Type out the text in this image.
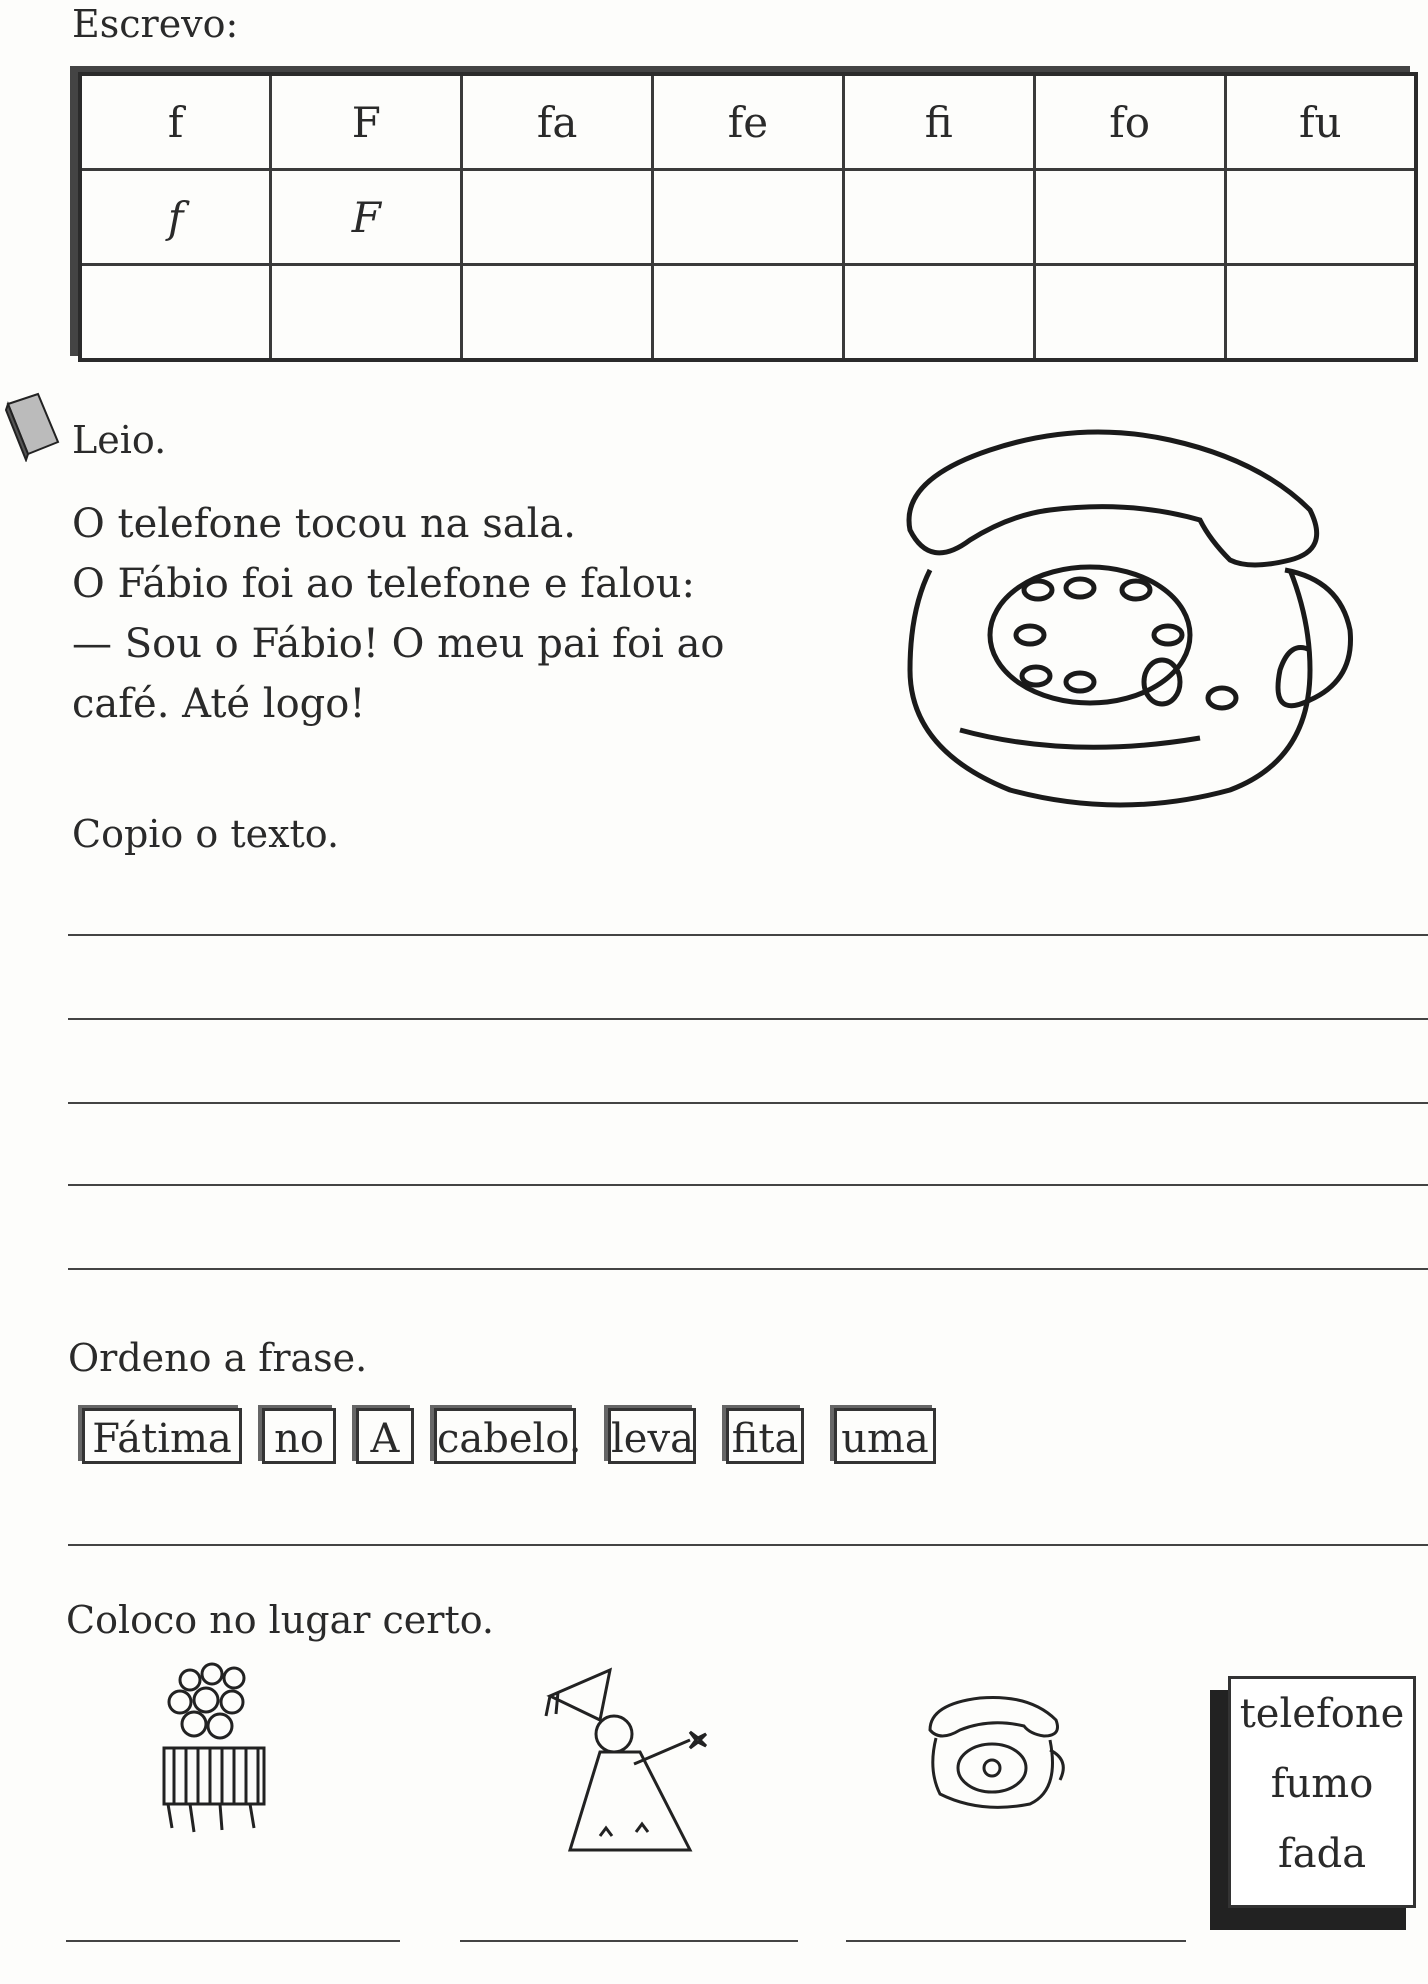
Escrevo:
f	F	fa	fe	fi	fo	fu
f	F					

Leio.
O telefone tocou na sala.
O Fábio foi ao telefone e falou:
— Sou o Fábio! O meu pai foi ao
café. Até logo!
Copio o texto.
Ordeno a frase.
Fátima	no	A cabelo. leva fita uma
Coloco no lugar certo.
telefone
fumo
fada
